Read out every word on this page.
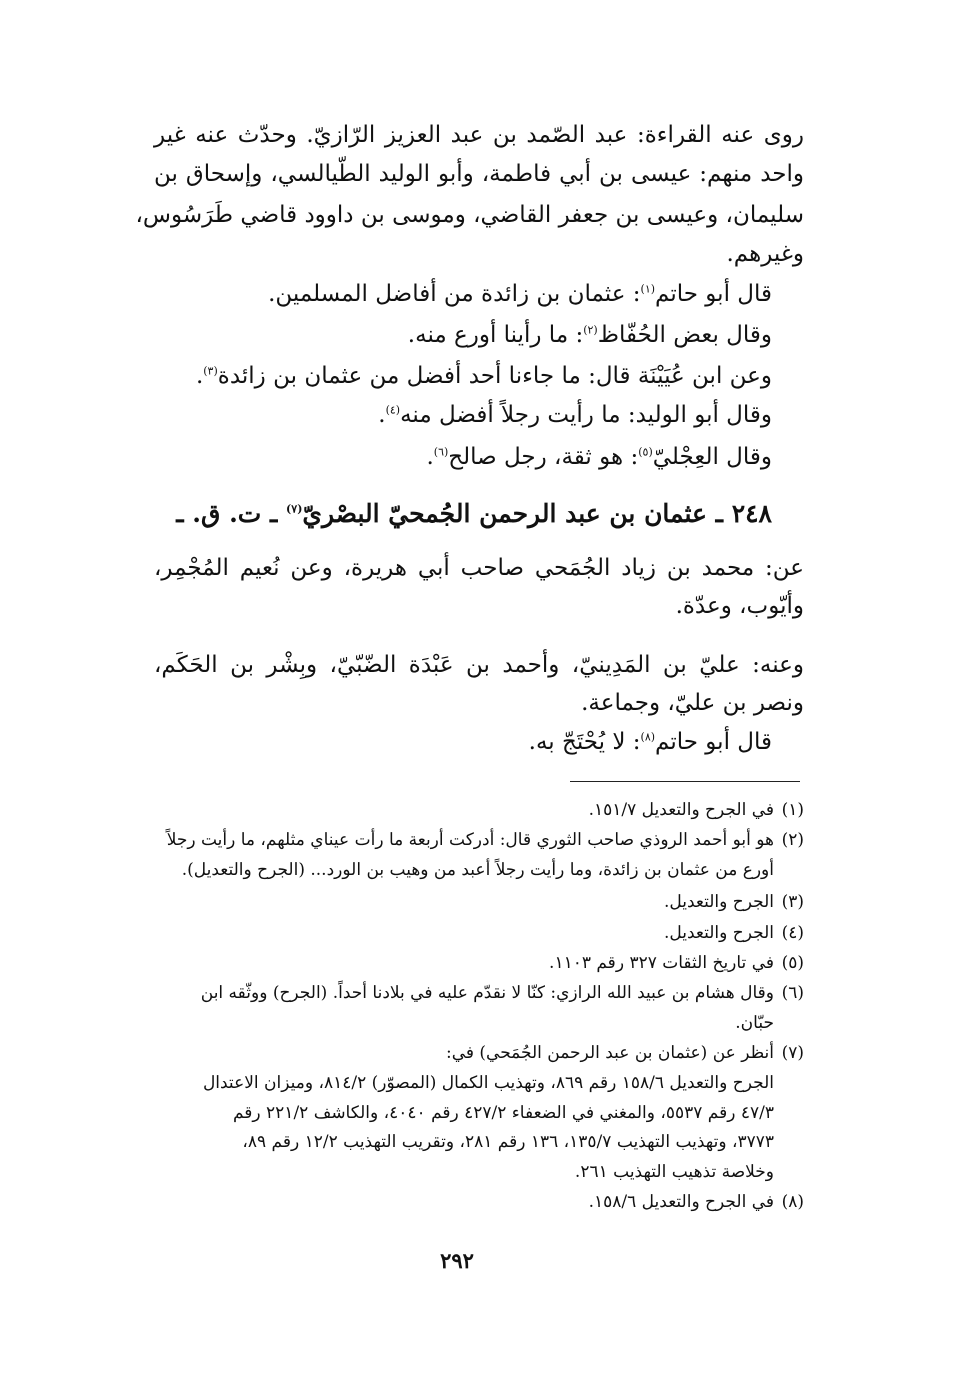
روى عنه القراءة: عبد الصّمد بن عبد العزيز الرّازيّ. وحدّث عنه غير
واحد منهم: عيسى بن أبي فاطمة، وأبو الوليد الطّيالسي، وإسحاق بن
سليمان، وعيسى بن جعفر القاضي، وموسى بن داوود قاضي طَرَسُوس،
وغيرهم.
قال أبو حاتم$^{(١)}$: عثمان بن زائدة من أفاضل المسلمين.
وقال بعض الحُفّاظ$^{(٢)}$: ما رأينا أورع منه.
وعن ابن عُيَيْنَة قال: ما جاءنا أحد أفضل من عثمان بن زائدة$^{(٣)}$.
وقال أبو الوليد: ما رأيت رجلاً أفضل منه$^{(٤)}$.
وقال العِجْليّ$^{(٥)}$: هو ثقة، رجل صالح$^{(٦)}$.
٢٤٨ ـ عثمان بن عبد الرحمن الجُمحيّ البصْريّ$^{(٧)}$ ـ ت. ق. ـ
عن: محمد بن زياد الجُمَحي صاحب أبي هريرة، وعن نُعيم المُجْمِر،
وأيّوب، وعدّة.
وعنه: عليّ بن المَدِينيّ، وأحمد بن عَبْدَة الضّبّيّ، وبِشْر بن الحَكَم،
ونصر بن عليّ، وجماعة.
قال أبو حاتم$^{(٨)}$: لا يُحْتَجّ به.
(١)في الجرح والتعديل ١٥١/٧.
(٢)هو أبو أحمد الروذي صاحب الثوري قال: أدركت أربعة ما رأت عيناي مثلهم، ما رأيت رجلاً
أورع من عثمان بن زائدة، وما رأيت رجلاً أعبد من وهيب بن الورد... (الجرح والتعديل).
(٣)الجرح والتعديل.
(٤)الجرح والتعديل.
(٥)في تاريخ الثقات ٣٢٧ رقم ١١٠٣.
(٦)وقال هشام بن عبيد الله الرازي: كنّا لا نقدّم عليه في بلادنا أحداً. (الجرح) ووثّقه ابن
حبّان.
(٧)أنظر عن (عثمان بن عبد الرحمن الجُمَحي) في:
الجرح والتعديل ١٥٨/٦ رقم ٨٦٩، وتهذيب الكمال (المصوّر) ٨١٤/٢، وميزان الاعتدال
٤٧/٣ رقم ٥٥٣٧، والمغني في الضعفاء ٤٢٧/٢ رقم ٤٠٤٠، والكاشف ٢٢١/٢ رقم
٣٧٧٣، وتهذيب التهذيب ١٣٥/٧، ١٣٦ رقم ٢٨١، وتقريب التهذيب ١٢/٢ رقم ٨٩،
وخلاصة تذهيب التهذيب ٢٦١.
(٨)في الجرح والتعديل ١٥٨/٦.
٢٩٢
